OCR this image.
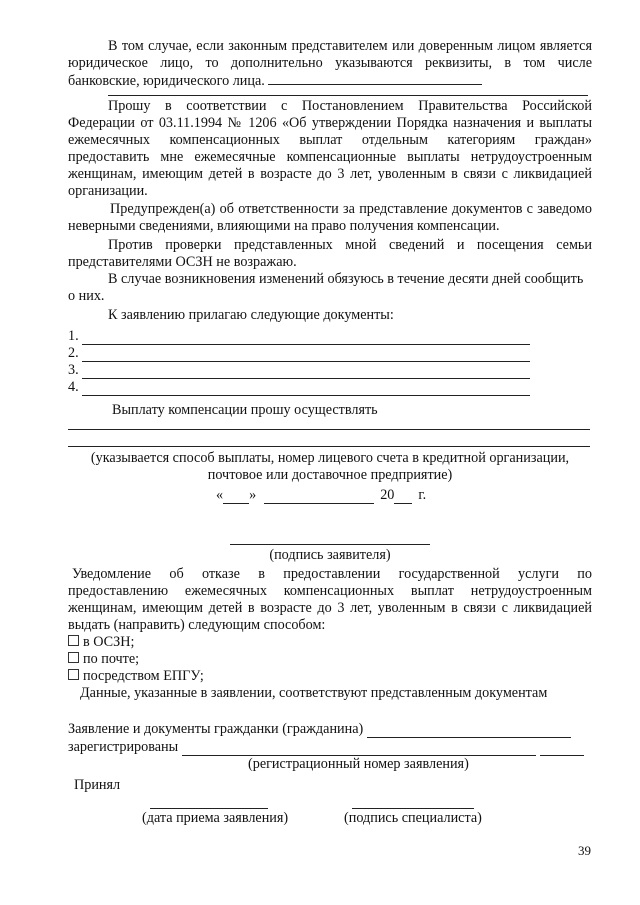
В том случае, если законным представителем или доверенным лицом является юридическое лицо, то дополнительно указываются реквизиты, в том числе банковские, юридического лица.

Прошу в соответствии с Постановлением Правительства Российской Федерации от 03.11.1994 № 1206 «Об утверждении Порядка назначения и выплаты ежемесячных компенсационных выплат отдельным категориям граждан» предоставить мне ежемесячные компенсационные выплаты нетрудоустроенным женщинам, имеющим детей в возрасте до 3 лет, уволенным в связи с ликвидацией организации.

Предупрежден(а) об ответственности за представление документов с заведомо неверными сведениями, влияющими на право получения компенсации.

Против проверки представленных мной сведений и посещения семьи представителями ОСЗН не возражаю.

В случае возникновения изменений обязуюсь в течение десяти дней сообщить о них.

К заявлению прилагаю следующие документы:

1.
2.
3.
4.
Выплату компенсации прошу осуществлять
(указывается способ выплаты, номер лицевого счета в кредитной организации,
почтовое или доставочное предприятие)
« »	20 г.
(подпись заявителя)

Уведомление об отказе в предоставлении государственной услуги по предоставлению ежемесячных компенсационных выплат нетрудоустроенным женщинам, имеющим детей в возрасте до 3 лет, уволенным в связи с ликвидацией выдать (направить) следующим способом:

в ОСЗН;
по почте;
посредством ЕПГУ;
Данные, указанные в заявлении, соответствуют представленным документам
Заявление и документы гражданки (гражданина)
зарегистрированы
(регистрационный номер заявления)
Принял
(дата приема заявления)	(подпись специалиста)
39
